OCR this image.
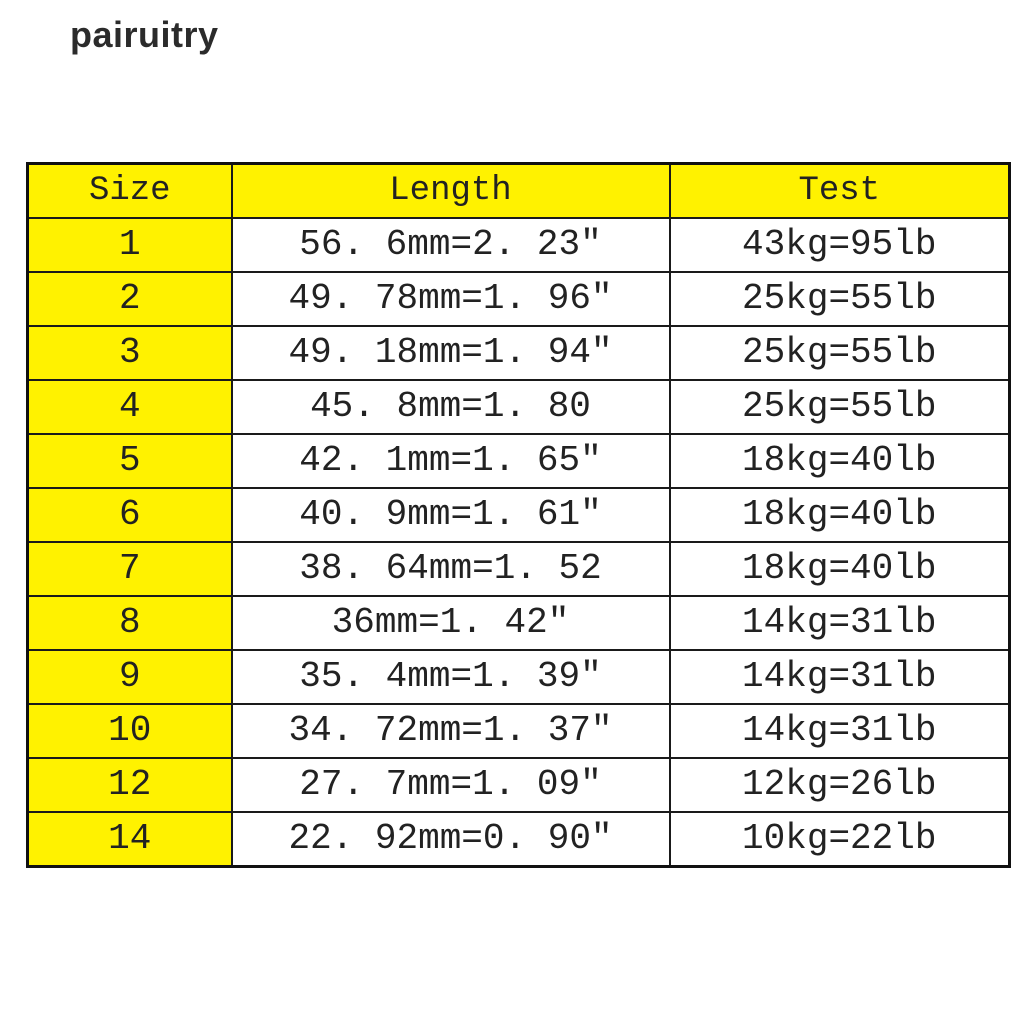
pairuitry
Size	Length	Test
1	56. 6mm=2. 23″	43kg=95lb
2	49. 78mm=1. 96″	25kg=55lb
3	49. 18mm=1. 94″	25kg=55lb
4	45. 8mm=1. 80	25kg=55lb
5	42. 1mm=1. 65″	18kg=40lb
6	40. 9mm=1. 61″	18kg=40lb
7	38. 64mm=1. 52	18kg=40lb
8	36mm=1. 42″	14kg=31lb
9	35. 4mm=1. 39″	14kg=31lb
10	34. 72mm=1. 37″	14kg=31lb
12	27. 7mm=1. 09″	12kg=26lb
14	22. 92mm=0. 90″	10kg=22lb
